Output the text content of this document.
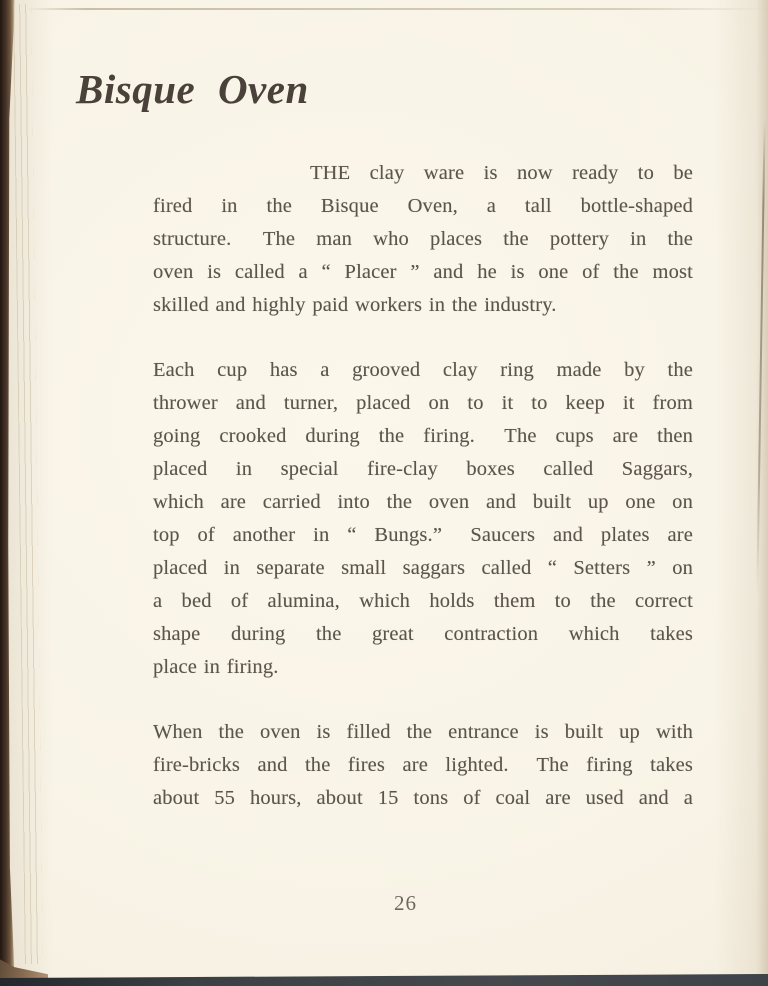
Bisque Oven
THE clay ware is now ready to be
fired in the Bisque Oven, a tall bottle-shaped
structure.  The man who places the pottery in the
oven is called a “ Placer ” and he is one of the most
skilled and highly paid workers in the industry.
Each cup has a grooved clay ring made by the
thrower and turner, placed on to it to keep it from
going crooked during the firing.  The cups are then
placed in special fire-clay boxes called Saggars,
which are carried into the oven and built up one on
top of another in “ Bungs.”  Saucers and plates are
placed in separate small saggars called “ Setters ” on
a bed of alumina, which holds them to the correct
shape during the great contraction which takes
place in firing.
When the oven is filled the entrance is built up with
fire-bricks and the fires are lighted.  The firing takes
about 55 hours, about 15 tons of coal are used and a
26
